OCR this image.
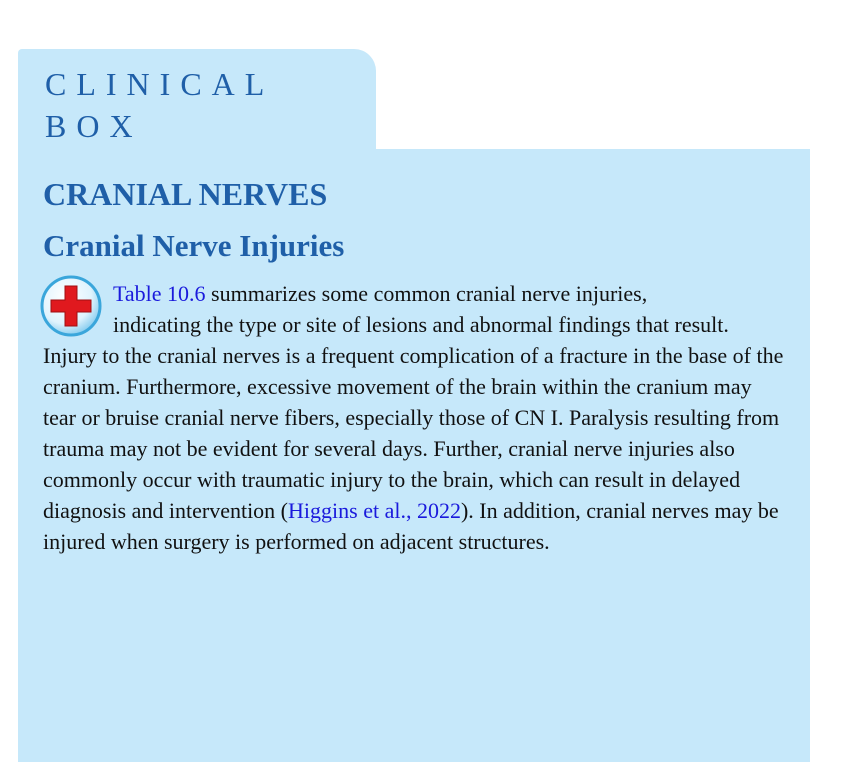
CLINICAL
BOX
CRANIAL NERVES
Cranial Nerve Injuries

Table 10.6 summarizes some common cranial nerve injuries,
indicating the type or site of lesions and abnormal findings that result.
Injury to the cranial nerves is a frequent complication of a fracture in the base of the cranium. Furthermore, excessive movement of the brain within the cranium may tear or bruise cranial nerve fibers, especially those of CN I. Paralysis resulting from trauma may not be evident for several days. Further, cranial nerve injuries also commonly occur with traumatic injury to the brain, which can result in delayed diagnosis and intervention (Higgins et al., 2022). In addition, cranial nerves may be injured when surgery is performed on adjacent structures.
